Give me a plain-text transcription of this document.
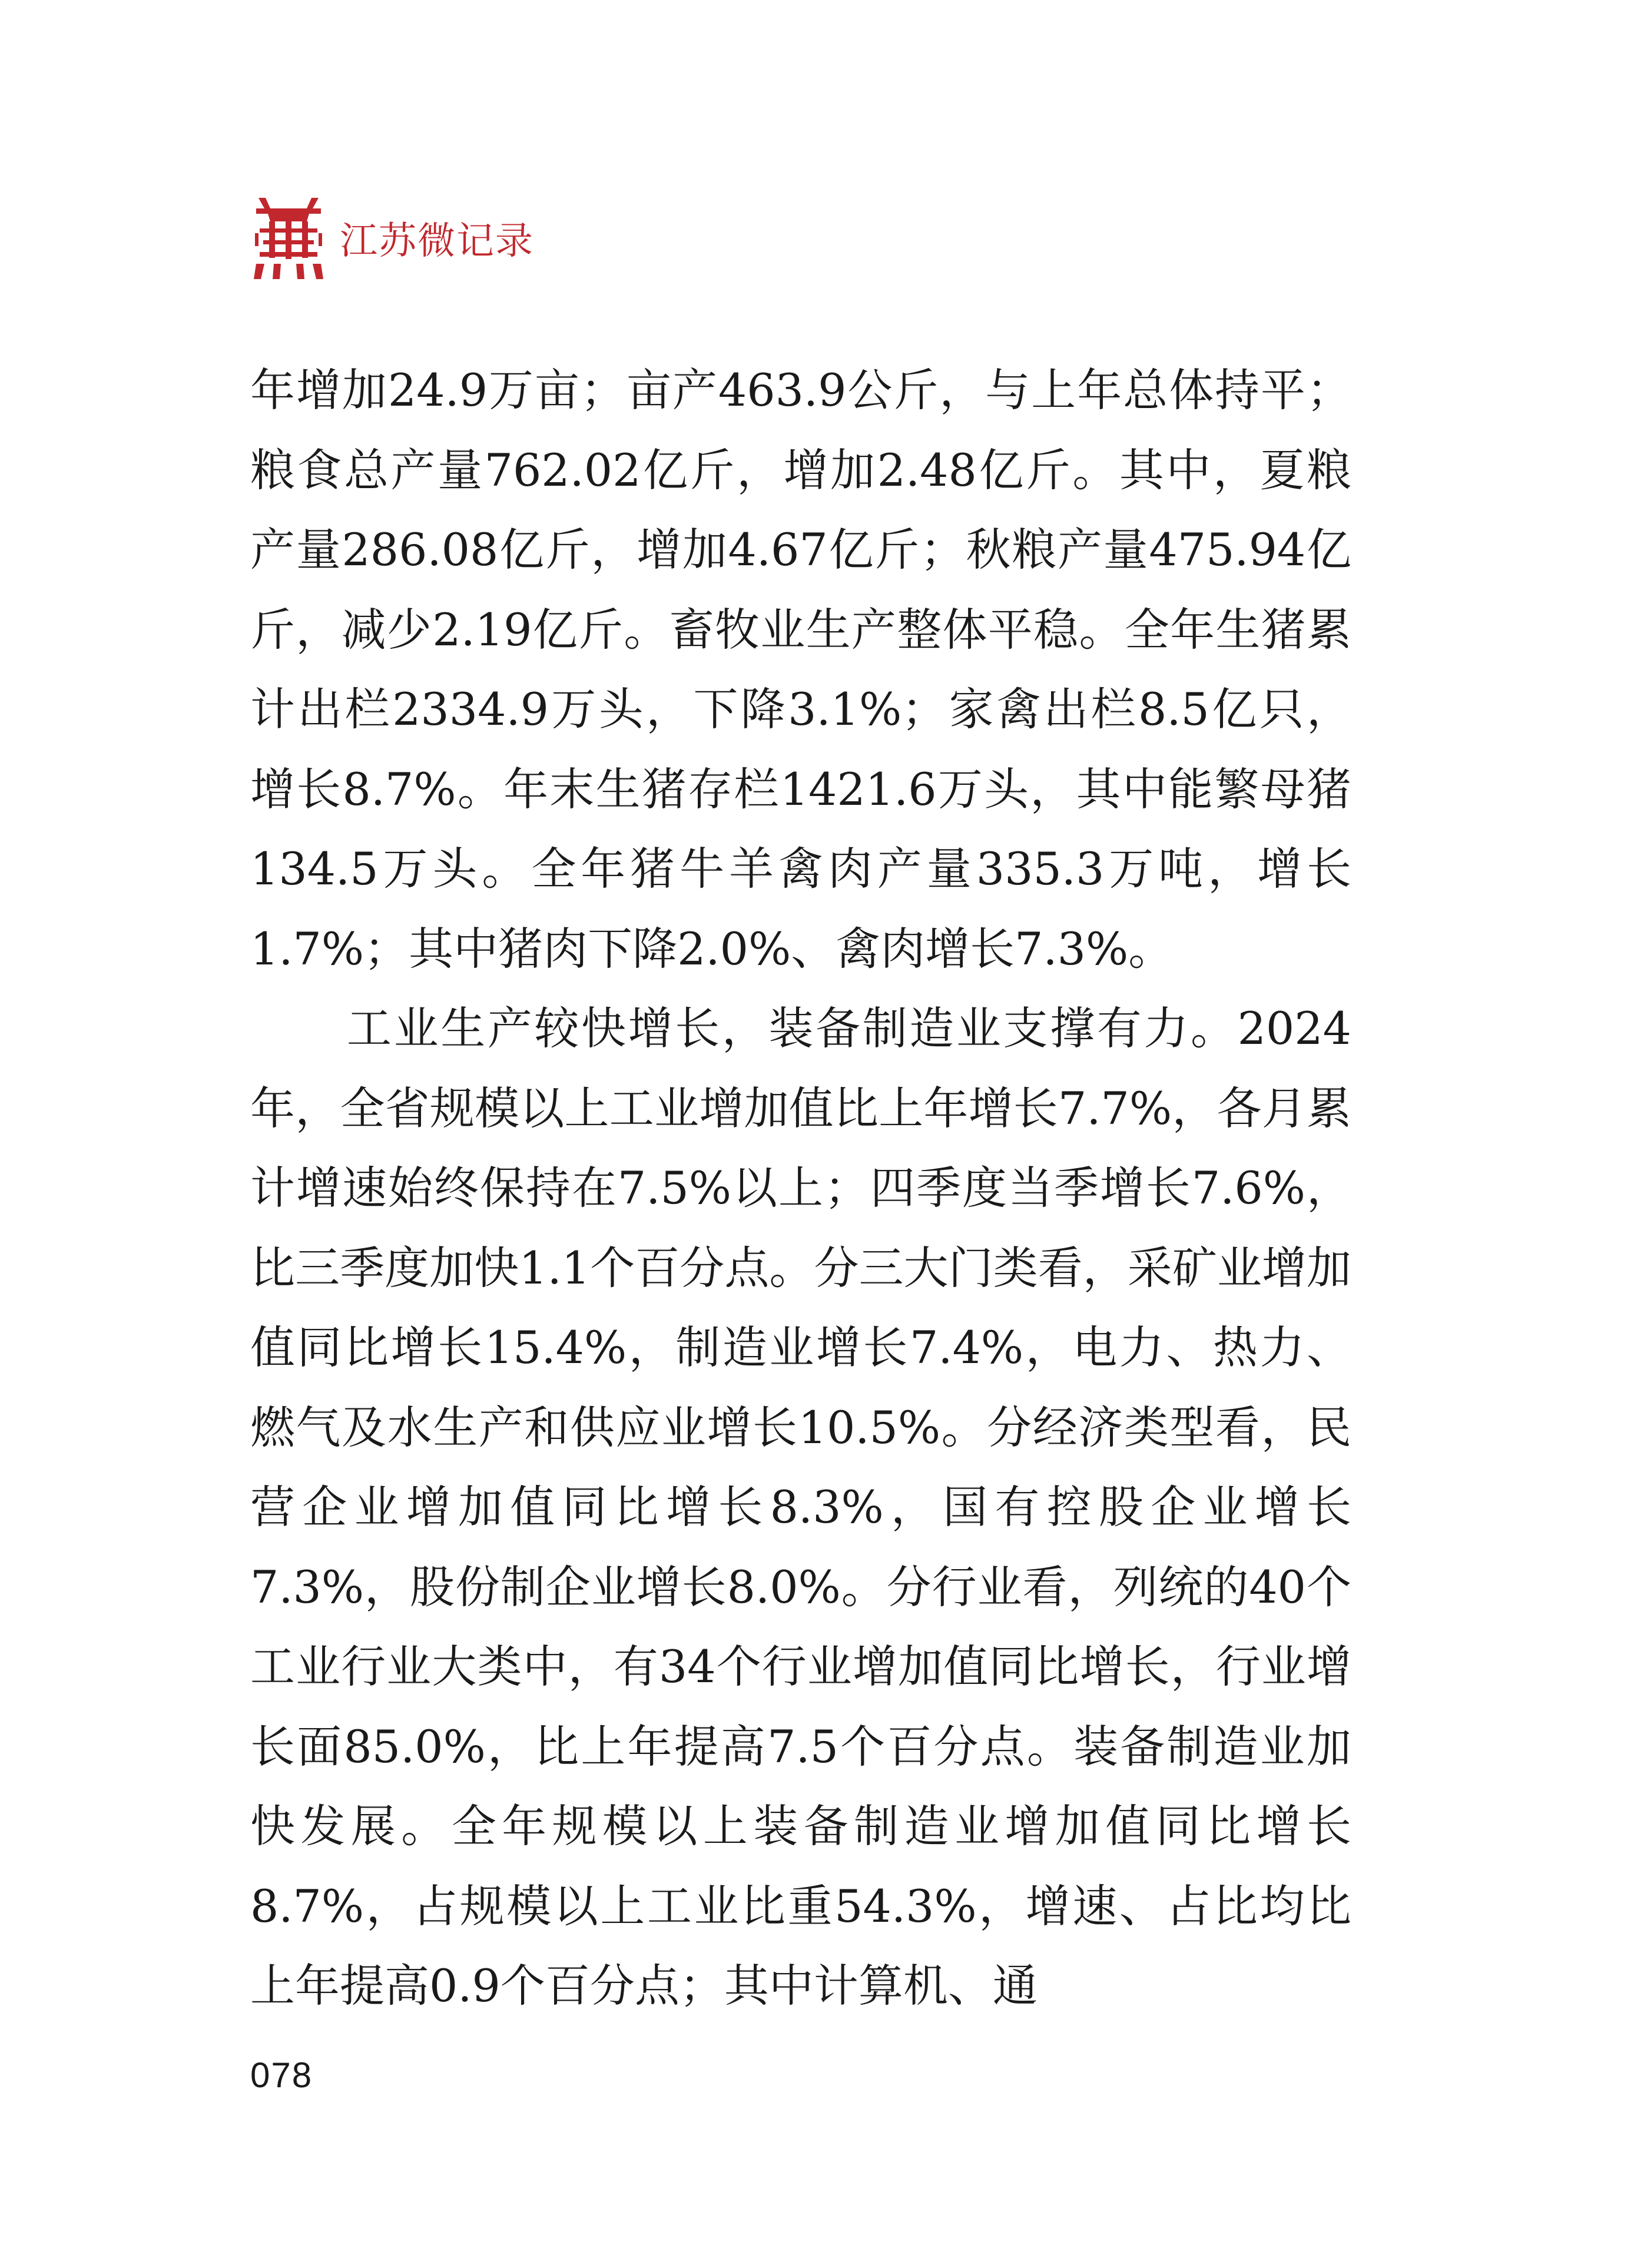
江苏微记录

年增加24.9万亩；亩产463.9公斤，与上年总体持平；粮食总产量762.02亿斤，增加2.48亿斤。其中，夏粮产量286.08亿斤，增加4.67亿斤；秋粮产量475.94亿斤，减少2.19亿斤。畜牧业生产整体平稳。全年生猪累计出栏2334.9万头，下降3.1%；家禽出栏8.5亿只，增长8.7%。年末生猪存栏1421.6万头，其中能繁母猪134.5万头。全年猪牛羊禽肉产量335.3万吨，增长1.7%；其中猪肉下降2.0%、禽肉增长7.3%。

工业生产较快增长，装备制造业支撑有力。2024年，全省规模以上工业增加值比上年增长7.7%，各月累计增速始终保持在7.5%以上；四季度当季增长7.6%，比三季度加快1.1个百分点。分三大门类看，采矿业增加值同比增长15.4%，制造业增长7.4%，电力、热力、燃气及水生产和供应业增长10.5%。分经济类型看，民营企业增加值同比增长8.3%，国有控股企业增长7.3%，股份制企业增长8.0%。分行业看，列统的40个工业行业大类中，有34个行业增加值同比增长，行业增长面85.0%，比上年提高7.5个百分点。装备制造业加快发展。全年规模以上装备制造业增加值同比增长8.7%，占规模以上工业比重54.3%，增速、占比均比上年提高0.9个百分点；其中计算机、通

078
